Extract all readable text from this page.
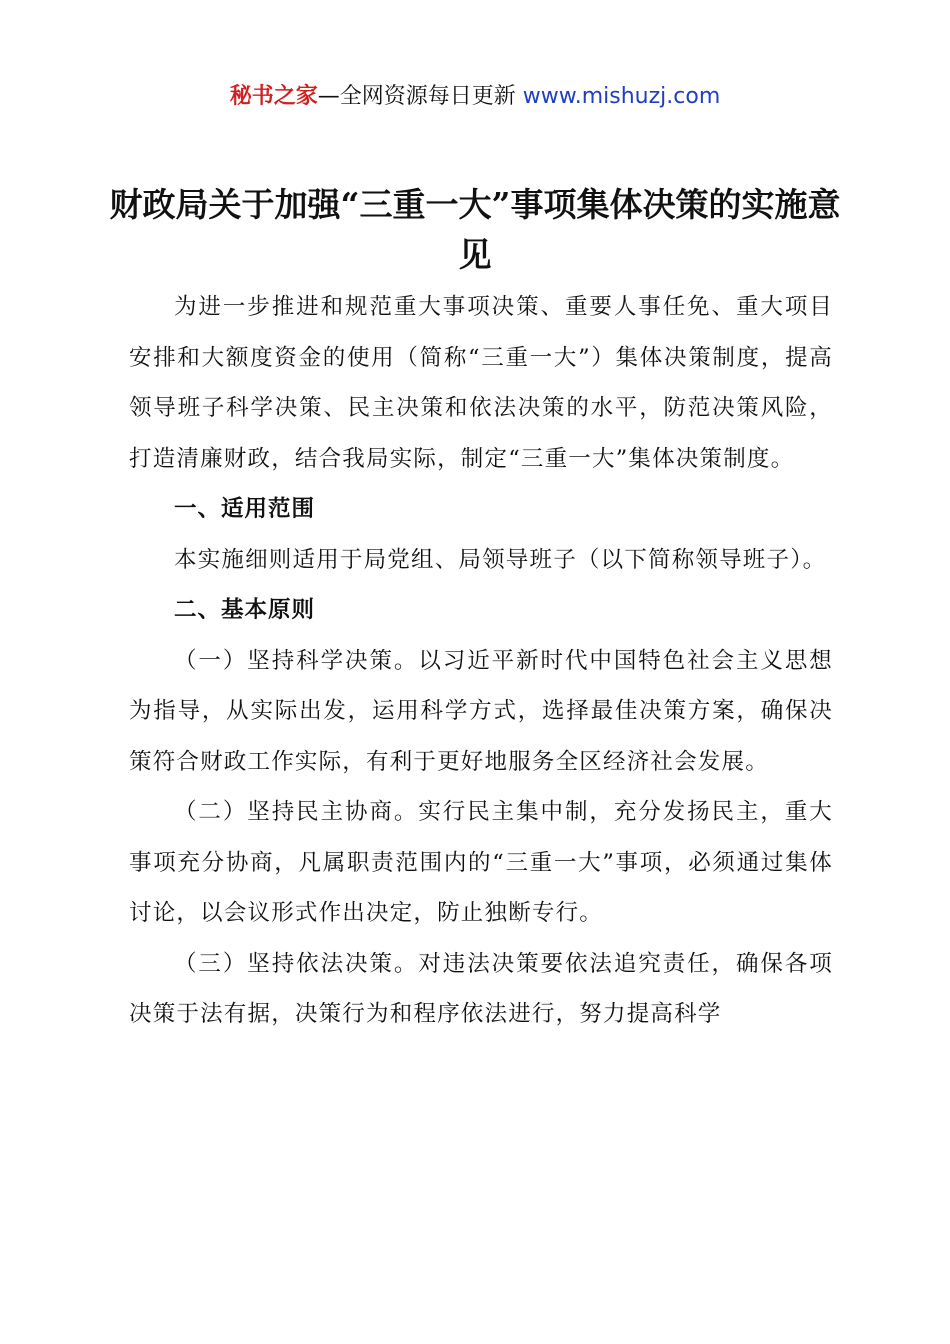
秘书之家—全网资源每日更新 www.mishuzj.com
财政局关于加强“三重一大”事项集体决策的实施意见

为进一步推进和规范重大事项决策、重要人事任免、重大项目安排和大额度资金的使用（简称“三重一大”）集体决策制度，提高领导班子科学决策、民主决策和依法决策的水平，防范决策风险，打造清廉财政，结合我局实际，制定“三重一大”集体决策制度。

一、适用范围

本实施细则适用于局党组、局领导班子（以下简称领导班子）。

二、基本原则

（一）坚持科学决策。以习近平新时代中国特色社会主义思想为指导，从实际出发，运用科学方式，选择最佳决策方案，确保决策符合财政工作实际，有利于更好地服务全区经济社会发展。

（二）坚持民主协商。实行民主集中制，充分发扬民主，重大事项充分协商，凡属职责范围内的“三重一大”事项，必须通过集体讨论，以会议形式作出决定，防止独断专行。

（三）坚持依法决策。对违法决策要依法追究责任，确保各项决策于法有据，决策行为和程序依法进行，努力提高科学
